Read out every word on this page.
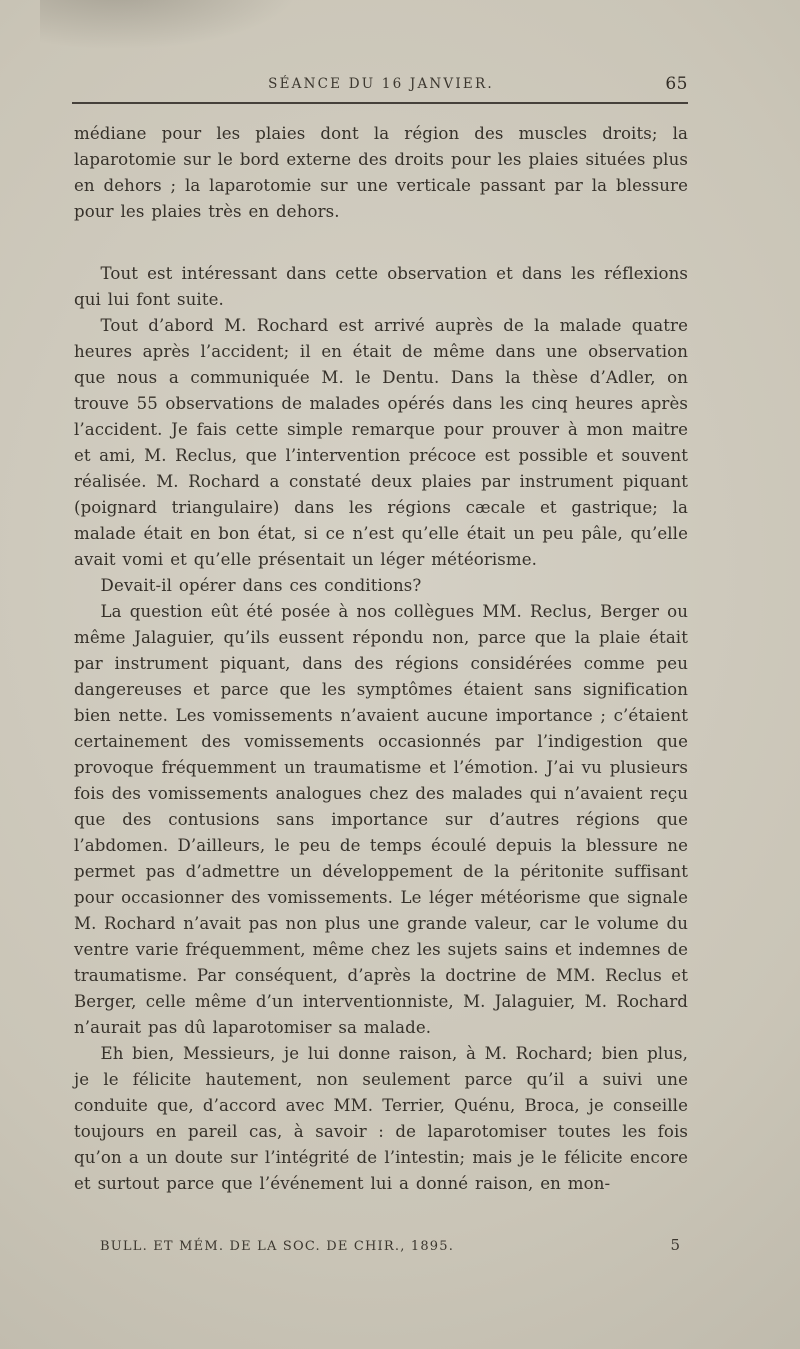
SÉANCE DU 16 JANVIER.	65

médiane pour les plaies dont la région des muscles droits; la laparotomie sur le bord externe des droits pour les plaies situées plus en dehors ; la laparotomie sur une verticale passant par la blessure pour les plaies très en dehors.

Tout est intéressant dans cette observation et dans les réflexions qui lui font suite.

Tout d’abord M. Rochard est arrivé auprès de la malade quatre heures après l’accident; il en était de même dans une observation que nous a communiquée M. le Dentu. Dans la thèse d’Adler, on trouve 55 observations de malades opérés dans les cinq heures après l’accident. Je fais cette simple remarque pour prouver à mon maitre et ami, M. Reclus, que l’intervention précoce est possible et souvent réalisée. M. Rochard a constaté deux plaies par instrument piquant (poignard triangulaire) dans les régions cæcale et gastrique; la malade était en bon état, si ce n’est qu’elle était un peu pâle, qu’elle avait vomi et qu’elle présentait un léger météorisme.

Devait-il opérer dans ces conditions?

La question eût été posée à nos collègues MM. Reclus, Berger ou même Jalaguier, qu’ils eussent répondu non, parce que la plaie était par instrument piquant, dans des régions considérées comme peu dangereuses et parce que les symptômes étaient sans signification bien nette. Les vomissements n’avaient aucune importance ; c’étaient certainement des vomissements occasionnés par l’indigestion que provoque fréquemment un traumatisme et l’émotion. J’ai vu plusieurs fois des vomissements analogues chez des malades qui n’avaient reçu que des contusions sans importance sur d’autres régions que l’abdomen. D’ailleurs, le peu de temps écoulé depuis la blessure ne permet pas d’admettre un développement de la péritonite suffisant pour occasionner des vomissements. Le léger météorisme que signale M. Rochard n’avait pas non plus une grande valeur, car le volume du ventre varie fréquemment, même chez les sujets sains et indemnes de traumatisme. Par conséquent, d’après la doctrine de MM. Reclus et Berger, celle même d’un interventionniste, M. Jalaguier, M. Rochard n’aurait pas dû laparotomiser sa malade.

Eh bien, Messieurs, je lui donne raison, à M. Rochard; bien plus, je le félicite hautement, non seulement parce qu’il a suivi une conduite que, d’accord avec MM. Terrier, Quénu, Broca, je conseille toujours en pareil cas, à savoir : de laparotomiser toutes les fois qu’on a un doute sur l’intégrité de l’intestin; mais je le félicite encore et surtout parce que l’événement lui a donné raison, en mon-

BULL. ET MÉM. DE LA SOC. DE CHIR., 1895.	5
